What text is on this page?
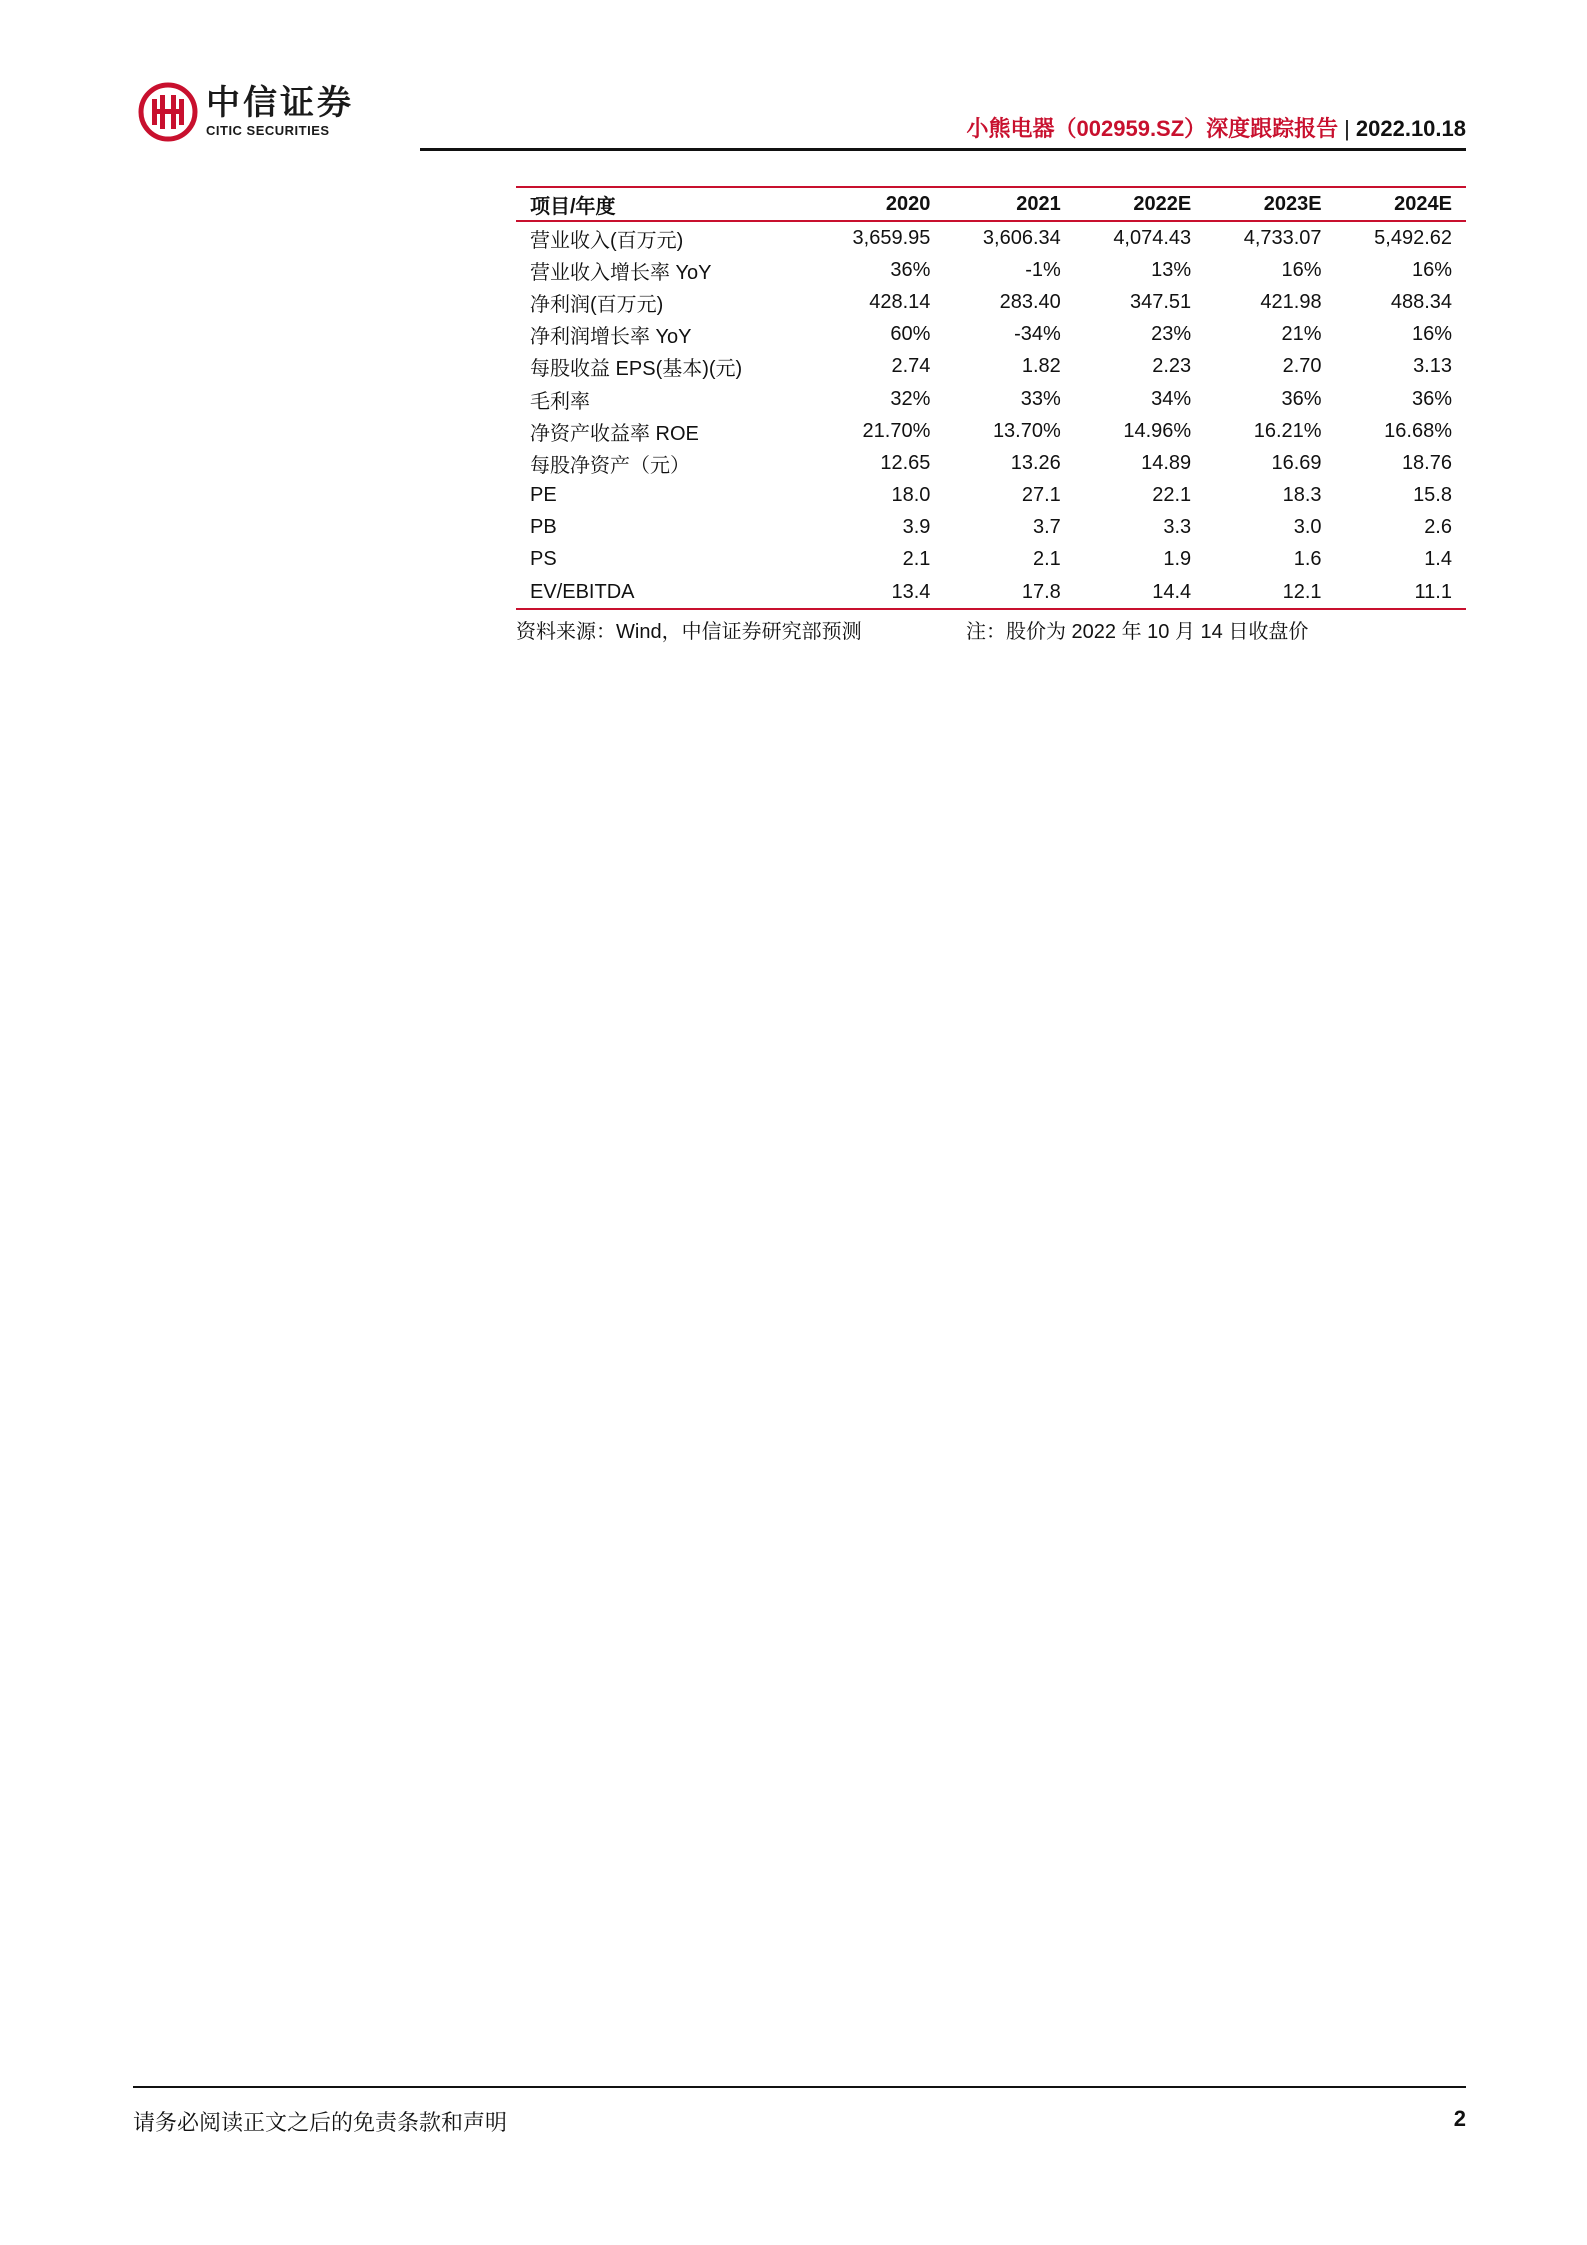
中信证券
CITIC SECURITIES	小熊电器（002959.SZ）深度跟踪报告 | 2022.10.18
项目/年度	2020	2021	2022E	2023E	2024E
营业收入(百万元)	3,659.95	3,606.34	4,074.43	4,733.07	5,492.62
营业收入增长率 YoY	36%	-1%	13%	16%	16%
净利润(百万元)	428.14	283.40	347.51	421.98	488.34
净利润增长率 YoY	60%	-34%	23%	21%	16%
每股收益 EPS(基本)(元)	2.74	1.82	2.23	2.70	3.13
毛利率	32%	33%	34%	36%	36%
净资产收益率 ROE	21.70%	13.70%	14.96%	16.21%	16.68%
每股净资产（元）	12.65	13.26	14.89	16.69	18.76
PE	18.0	27.1	22.1	18.3	15.8
PB	3.9	3.7	3.3	3.0	2.6
PS	2.1	2.1	1.9	1.6	1.4
EV/EBITDA	13.4	17.8	14.4	12.1	11.1
资料来源：Wind，中信证券研究部预测	注：股价为 2022 年 10 月 14 日收盘价
请务必阅读正文之后的免责条款和声明	2
